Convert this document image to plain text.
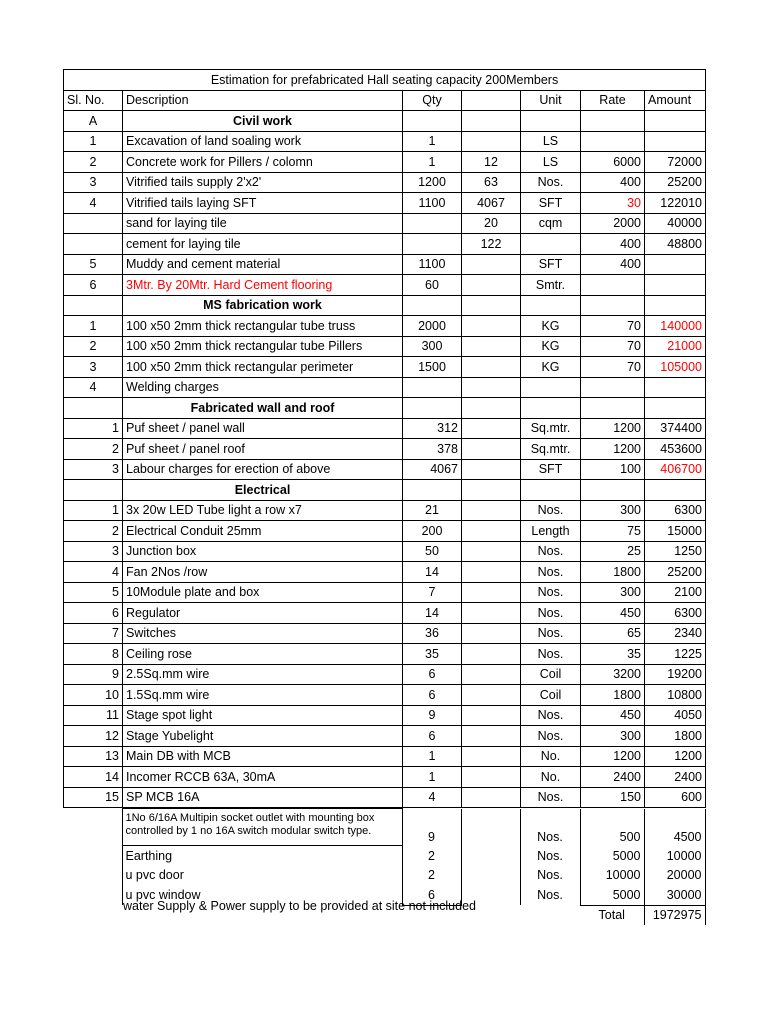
Estimation for prefabricated Hall seating capacity 200Members						
Sl. No.	Description	Qty		Unit	Rate	Amount
A	Civil work					
1	Excavation of land soaling work	1		LS		
2	Concrete work for Pillers / colomn	1	12	LS	6000	72000
3	Vitrified tails supply 2'x2'	1200	63	Nos.	400	25200
4	Vitrified tails laying SFT	1100	4067	SFT	30	122010
	sand for laying tile		20	cqm	2000	40000
	cement for laying tile		122		400	48800
5	Muddy and cement material	1100		SFT	400	
6	3Mtr. By 20Mtr. Hard Cement flooring	60		Smtr.		
	MS fabrication work					
1	100 x50 2mm thick rectangular tube truss	2000		KG	70	140000
2	100 x50 2mm thick rectangular tube Pillers	300		KG	70	21000
3	100 x50 2mm thick rectangular perimeter	1500		KG	70	105000
4	Welding charges					
	Fabricated wall and roof					
1	Puf sheet / panel wall	312		Sq.mtr.	1200	374400
2	Puf sheet / panel roof	378		Sq.mtr.	1200	453600
3	Labour charges for erection of above	4067		SFT	100	406700
	Electrical					
1	3x 20w LED Tube light a row x7	21		Nos.	300	6300
2	Electrical Conduit 25mm	200		Length	75	15000
3	Junction box	50		Nos.	25	1250
4	Fan 2Nos /row	14		Nos.	1800	25200
5	10Module plate and box	7		Nos.	300	2100
6	Regulator	14		Nos.	450	6300
7	Switches	36		Nos.	65	2340
8	Ceiling rose	35		Nos.	35	1225
9	2.5Sq.mm wire	6		Coil	3200	19200
10	1.5Sq.mm wire	6		Coil	1800	10800
11	Stage spot light	9		Nos.	450	4050
12	Stage Yubelight	6		Nos.	300	1800
13	Main DB with MCB	1		No.	1200	1200
14	Incomer RCCB 63A, 30mA	1		No.	2400	2400
15	SP MCB 16A	4		Nos.	150	600
	1No 6/16A Multipin socket outlet with mounting box controlled by 1 no 16A switch modular switch type.	9		Nos.	500	4500
	Earthing	2		Nos.	5000	10000
	u pvc door	2		Nos.	10000	20000
	u pvc window	6		Nos.	5000	30000
					Total	1972975
water Supply & Power supply to be provided at site not included
